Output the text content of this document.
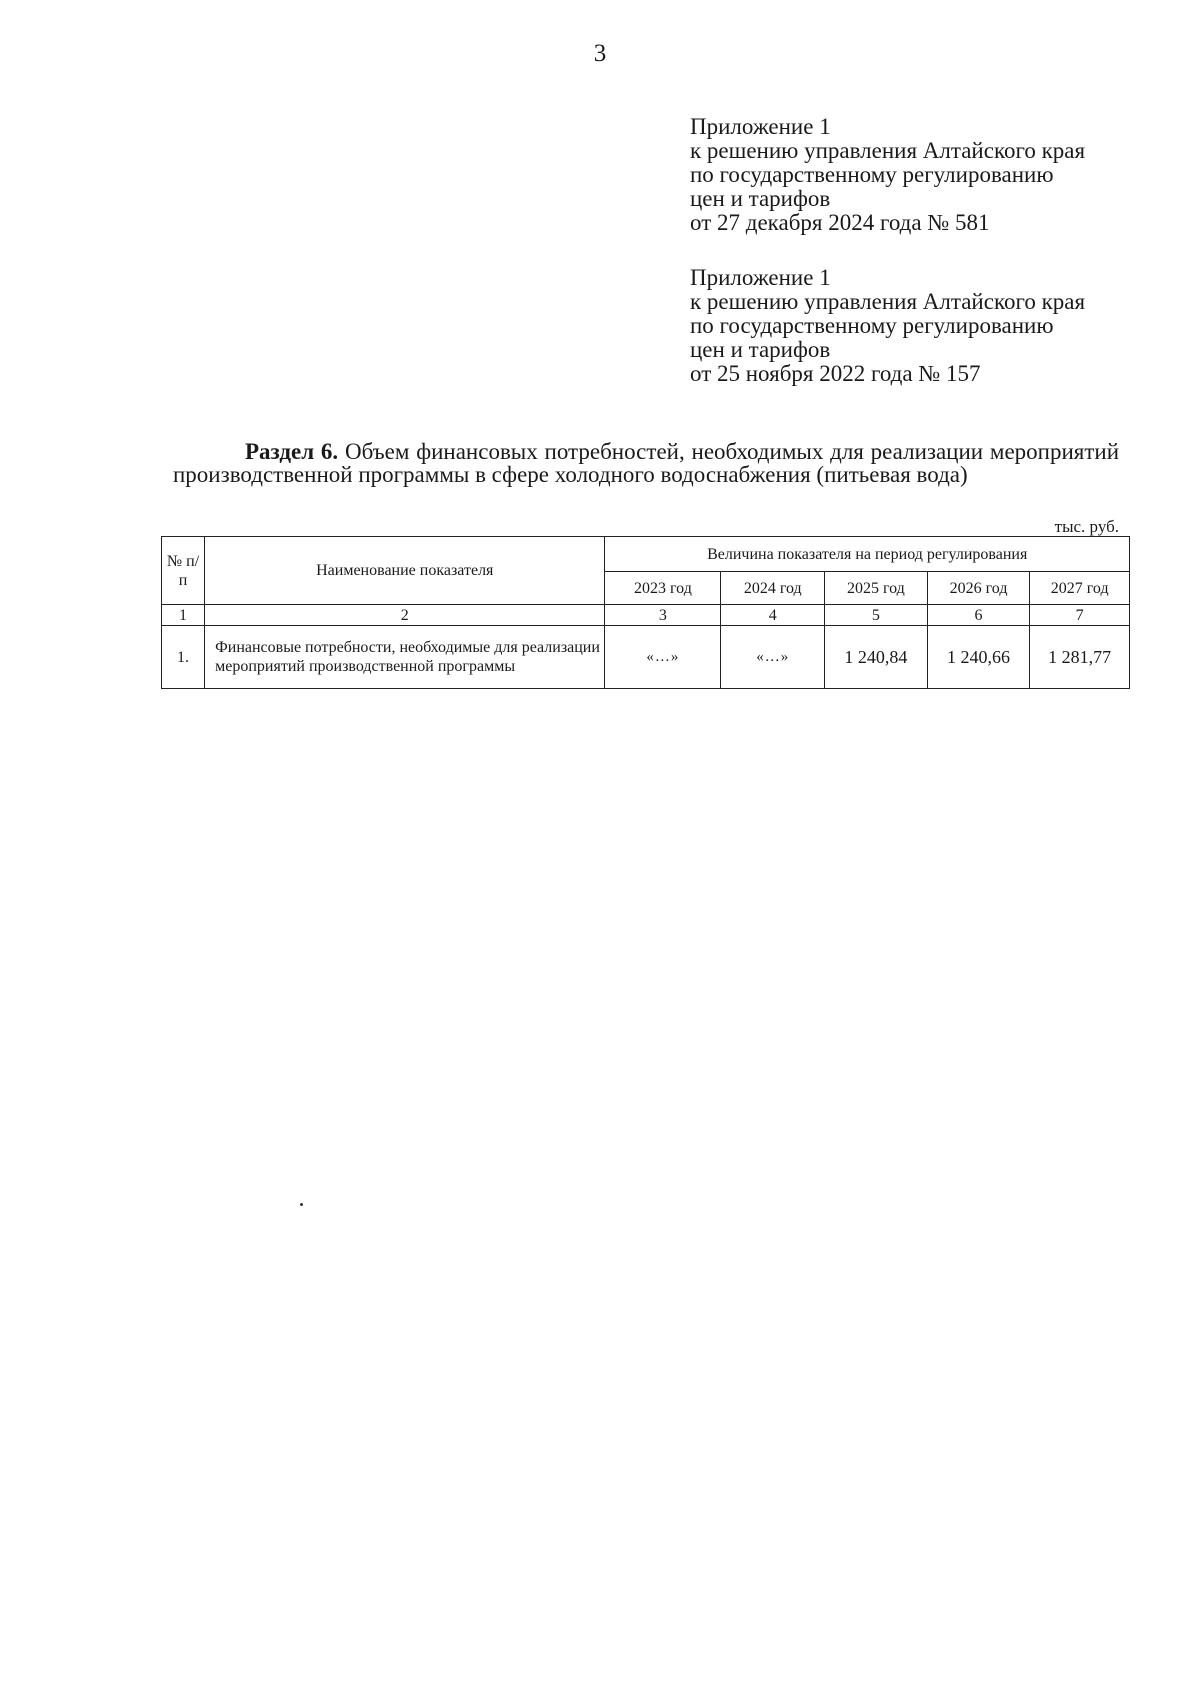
3
Приложение 1
к решению управления Алтайского края
по государственному регулированию
цен и тарифов
от 27 декабря 2024 года № 581
Приложение 1
к решению управления Алтайского края
по государственному регулированию
цен и тарифов
от 25 ноября 2022 года № 157
Раздел 6. Объем финансовых потребностей, необходимых для реализации мероприятий производственной программы в сфере холодного водоснабжения (питьевая вода)
тыс. руб.
№ п/п	Наименование показателя	Величина показателя на период регулирования				
		2023 год	2024 год	2025 год	2026 год	2027 год
1	2	3	4	5	6	7
1.	Финансовые потребности, необходимые для реализации мероприятий производственной программы	«…»	«…»	1 240,84	1 240,66	1 281,77
